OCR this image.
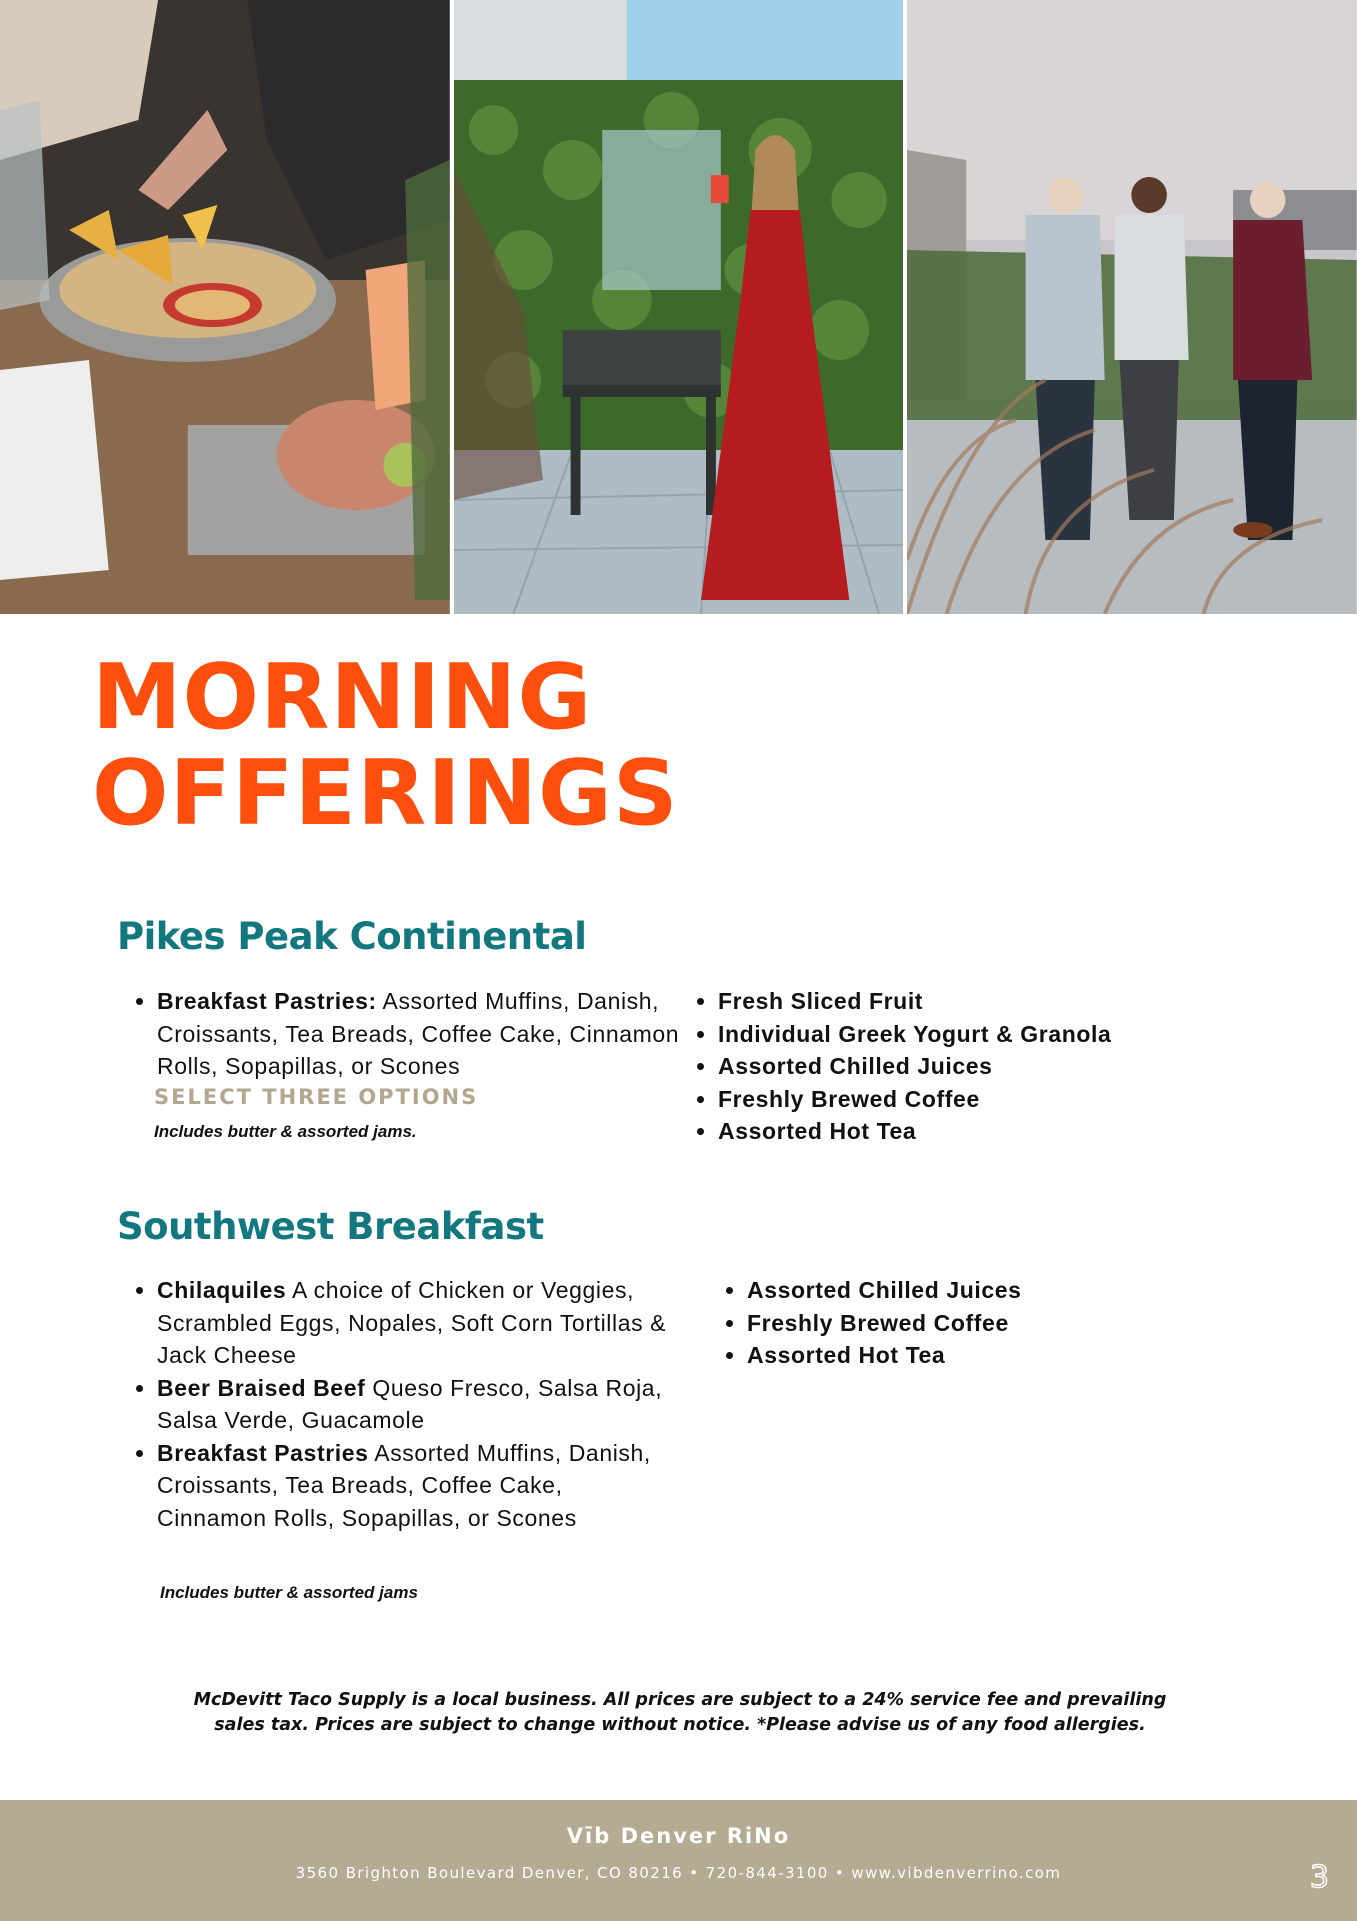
MORNING
OFFERINGS
Pikes Peak Continental
• Breakfast Pastries: Assorted Muffins, Danish, Croissants, Tea Breads, Coffee Cake, Cinnamon Rolls, Sopapillas, or Scones
SELECT THREE OPTIONS
Includes butter & assorted jams.
• Fresh Sliced Fruit
• Individual Greek Yogurt & Granola
• Assorted Chilled Juices
• Freshly Brewed Coffee
• Assorted Hot Tea
Southwest Breakfast
• Chilaquiles A choice of Chicken or Veggies, Scrambled Eggs, Nopales, Soft Corn Tortillas & Jack Cheese
• Beer Braised Beef Queso Fresco, Salsa Roja, Salsa Verde, Guacamole
• Breakfast Pastries Assorted Muffins, Danish, Croissants, Tea Breads, Coffee Cake, Cinnamon Rolls, Sopapillas, or Scones
Includes butter & assorted jams
• Assorted Chilled Juices
• Freshly Brewed Coffee
• Assorted Hot Tea
McDevitt Taco Supply is a local business. All prices are subject to a 24% service fee and prevailing
sales tax. Prices are subject to change without notice. *Please advise us of any food allergies.
Vīb Denver RiNo
3560 Brighton Boulevard Denver, CO 80216 • 720-844-3100 • www.vibdenverrino.com	3
